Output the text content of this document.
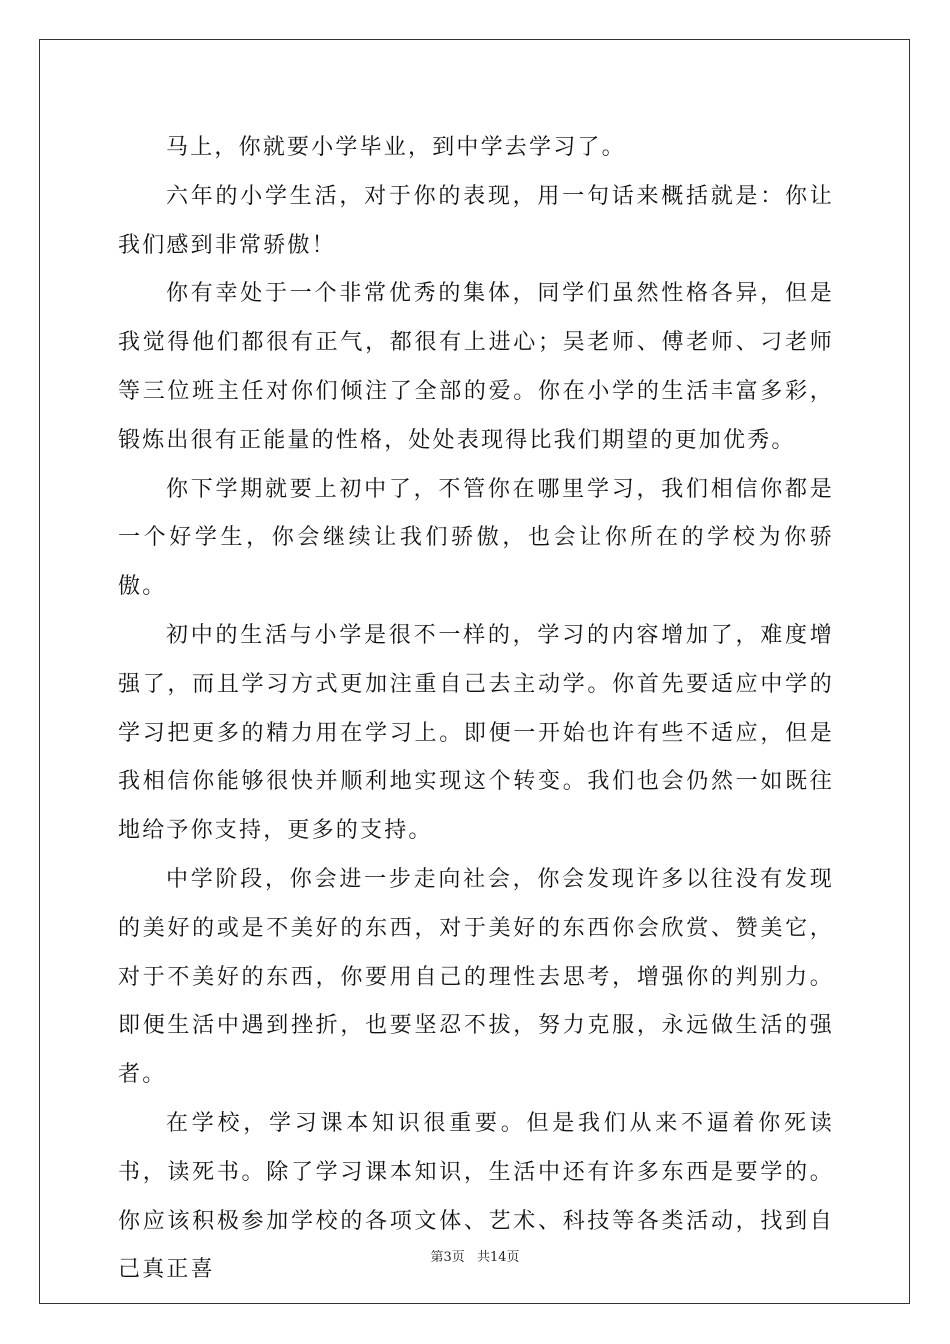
马上，你就要小学毕业，到中学去学习了。

六年的小学生活，对于你的表现，用一句话来概括就是：你让我们感到非常骄傲！

你有幸处于一个非常优秀的集体，同学们虽然性格各异，但是我觉得他们都很有正气，都很有上进心；吴老师、傅老师、刁老师等三位班主任对你们倾注了全部的爱。你在小学的生活丰富多彩，锻炼出很有正能量的性格，处处表现得比我们期望的更加优秀。

你下学期就要上初中了，不管你在哪里学习，我们相信你都是一个好学生，你会继续让我们骄傲，也会让你所在的学校为你骄傲。

初中的生活与小学是很不一样的，学习的内容增加了，难度增强了，而且学习方式更加注重自己去主动学。你首先要适应中学的学习把更多的精力用在学习上。即便一开始也许有些不适应，但是我相信你能够很快并顺利地实现这个转变。我们也会仍然一如既往地给予你支持，更多的支持。

中学阶段，你会进一步走向社会，你会发现许多以往没有发现的美好的或是不美好的东西，对于美好的东西你会欣赏、赞美它，对于不美好的东西，你要用自己的理性去思考，增强你的判别力。即便生活中遇到挫折，也要坚忍不拔，努力克服，永远做生活的强者。

在学校，学习课本知识很重要。但是我们从来不逼着你死读书，读死书。除了学习课本知识，生活中还有许多东西是要学的。你应该积极参加学校的各项文体、艺术、科技等各类活动，找到自己真正喜	第3页 共14页
